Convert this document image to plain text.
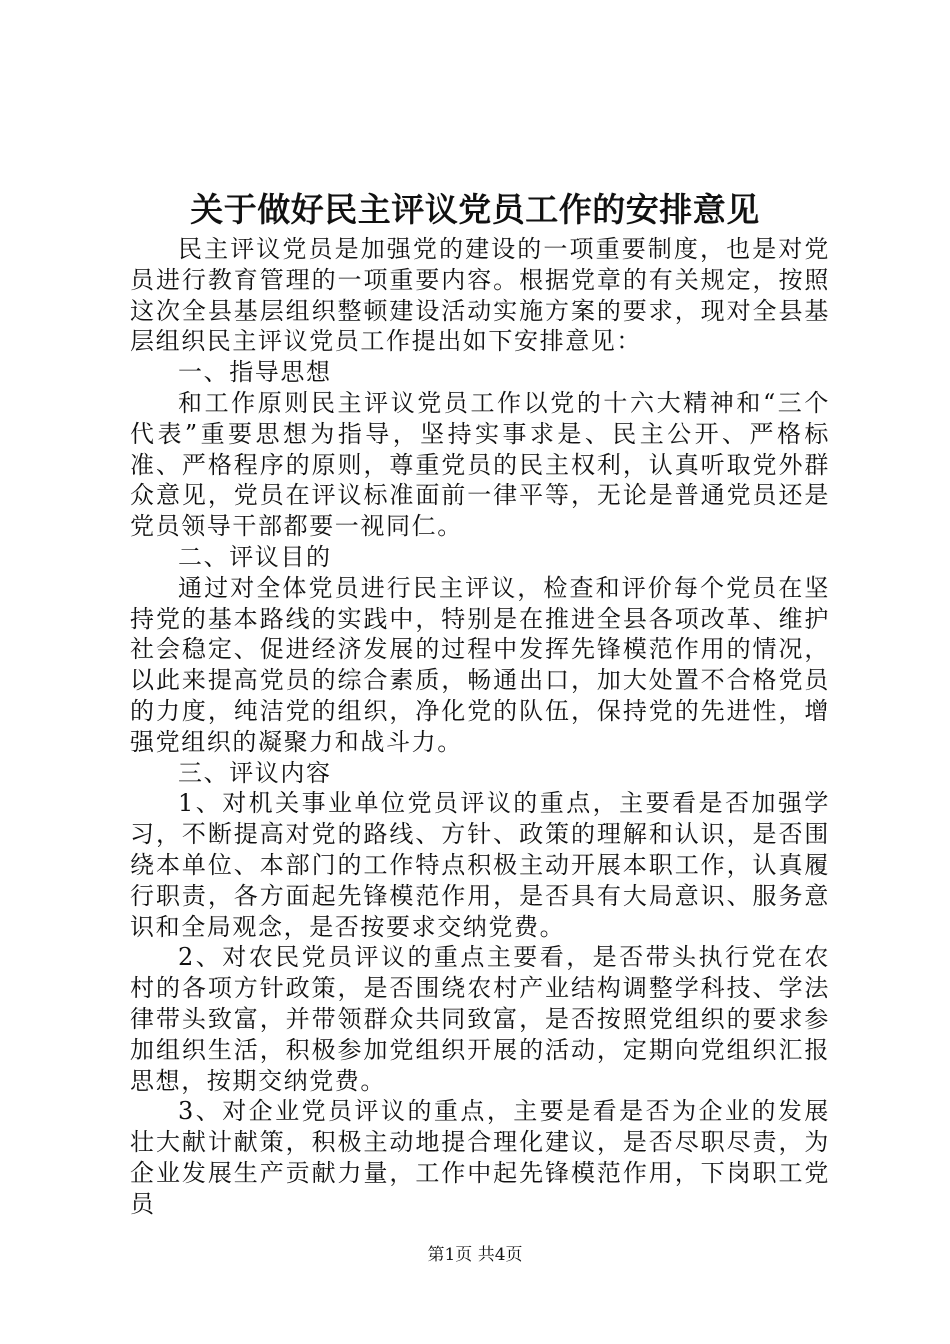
关于做好民主评议党员工作的安排意见

民主评议党员是加强党的建设的一项重要制度，也是对党员进行教育管理的一项重要内容。根据党章的有关规定，按照这次全县基层组织整顿建设活动实施方案的要求，现对全县基层组织民主评议党员工作提出如下安排意见：

一、指导思想

和工作原则民主评议党员工作以党的十六大精神和“三个代表”重要思想为指导，坚持实事求是、民主公开、严格标准、严格程序的原则，尊重党员的民主权利，认真听取党外群众意见，党员在评议标准面前一律平等，无论是普通党员还是党员领导干部都要一视同仁。

二、评议目的

通过对全体党员进行民主评议，检查和评价每个党员在坚持党的基本路线的实践中，特别是在推进全县各项改革、维护社会稳定、促进经济发展的过程中发挥先锋模范作用的情况，以此来提高党员的综合素质，畅通出口，加大处置不合格党员的力度，纯洁党的组织，净化党的队伍，保持党的先进性，增强党组织的凝聚力和战斗力。

三、评议内容

1、对机关事业单位党员评议的重点，主要看是否加强学习，不断提高对党的路线、方针、政策的理解和认识，是否围绕本单位、本部门的工作特点积极主动开展本职工作，认真履行职责，各方面起先锋模范作用，是否具有大局意识、服务意识和全局观念，是否按要求交纳党费。

2、对农民党员评议的重点主要看，是否带头执行党在农村的各项方针政策，是否围绕农村产业结构调整学科技、学法律带头致富，并带领群众共同致富，是否按照党组织的要求参加组织生活，积极参加党组织开展的活动，定期向党组织汇报思想，按期交纳党费。

3、对企业党员评议的重点，主要是看是否为企业的发展壮大献计献策，积极主动地提合理化建议，是否尽职尽责，为企业发展生产贡献力量，工作中起先锋模范作用，下岗职工党员

第1页 共4页
